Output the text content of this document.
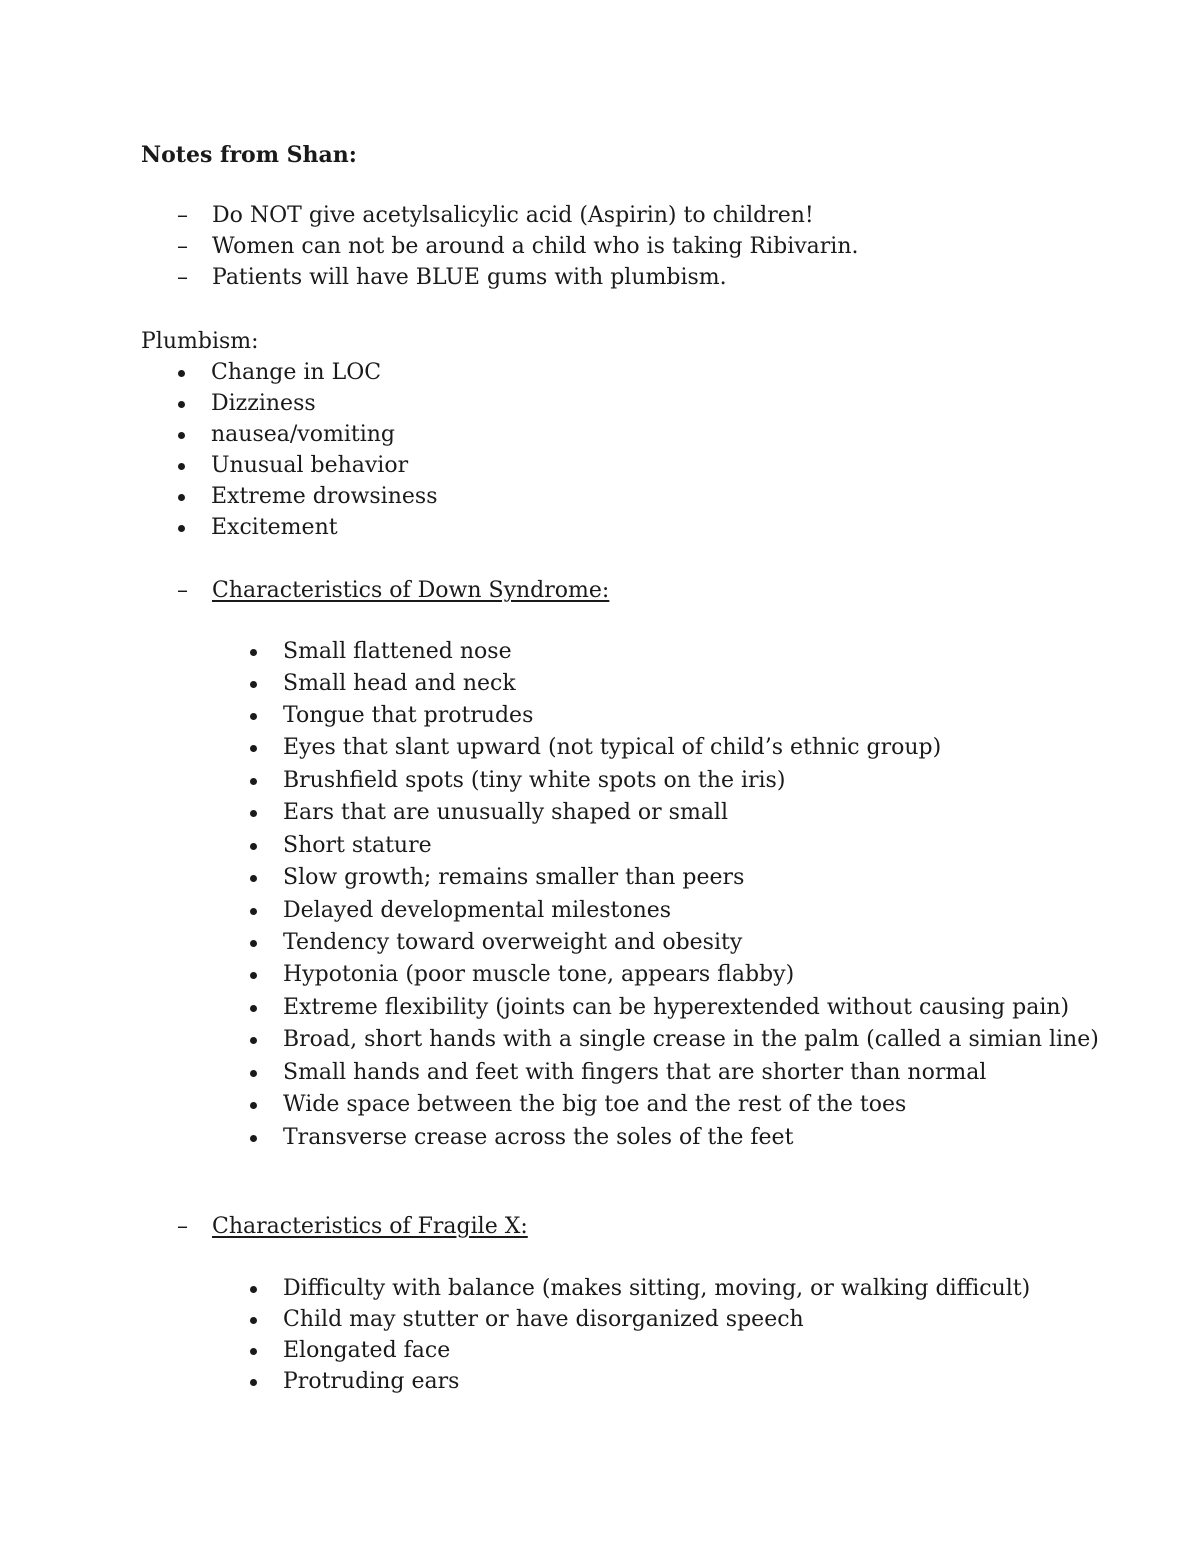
Notes from Shan:
– Do NOT give acetylsalicylic acid (Aspirin) to children!
– Women can not be around a child who is taking Ribivarin.
– Patients will have BLUE gums with plumbism.
Plumbism:
Change in LOC
Dizziness
nausea/vomiting
Unusual behavior
Extreme drowsiness
Excitement
– Characteristics of Down Syndrome:
Small flattened nose
Small head and neck
Tongue that protrudes
Eyes that slant upward (not typical of child’s ethnic group)
Brushfield spots (tiny white spots on the iris)
Ears that are unusually shaped or small
Short stature
Slow growth; remains smaller than peers
Delayed developmental milestones
Tendency toward overweight and obesity
Hypotonia (poor muscle tone, appears flabby)
Extreme flexibility (joints can be hyperextended without causing pain)
Broad, short hands with a single crease in the palm (called a simian line)
Small hands and feet with fingers that are shorter than normal
Wide space between the big toe and the rest of the toes
Transverse crease across the soles of the feet
– Characteristics of Fragile X:
Difficulty with balance (makes sitting, moving, or walking difficult)
Child may stutter or have disorganized speech
Elongated face
Protruding ears
